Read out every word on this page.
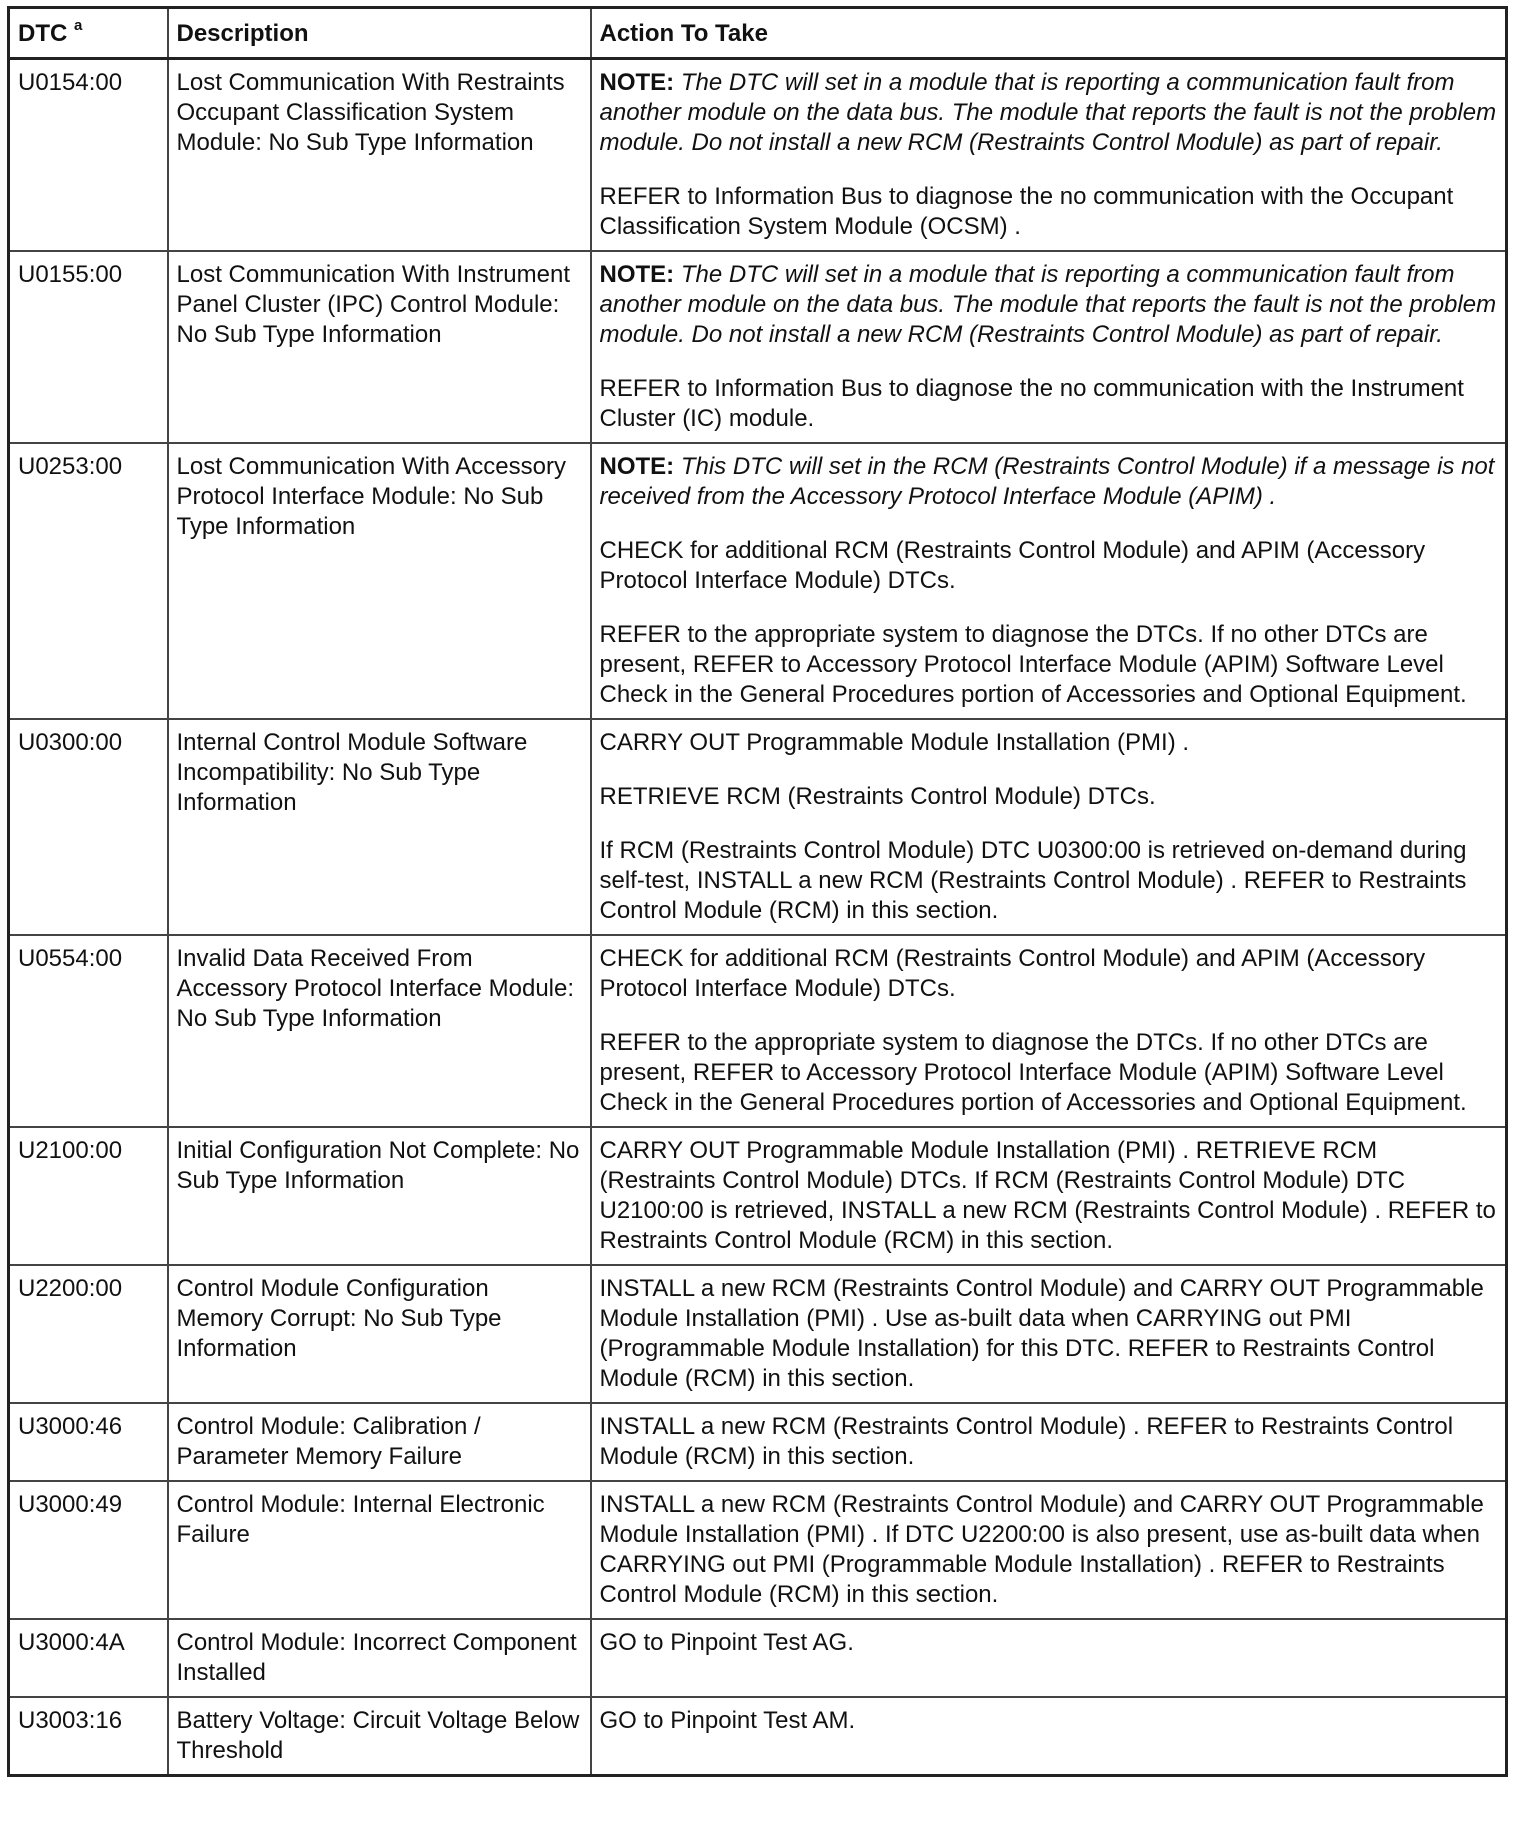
DTC $^a$	Description	Action To Take
U0154:00	Lost Communication With Restraints Occupant Classification System Module: No Sub Type Information	NOTE: The DTC will set in a module that is reporting a communication fault from another module on the data bus. The module that reports the fault is not the problem module. Do not install a new RCM (Restraints Control Module) as part of repair.

REFER to Information Bus to diagnose the no communication with the Occupant Classification System Module (OCSM) .

U0155:00	Lost Communication With Instrument Panel Cluster (IPC) Control Module: No Sub Type Information	NOTE: The DTC will set in a module that is reporting a communication fault from another module on the data bus. The module that reports the fault is not the problem module. Do not install a new RCM (Restraints Control Module) as part of repair.

REFER to Information Bus to diagnose the no communication with the Instrument Cluster (IC) module.

U0253:00	Lost Communication With Accessory Protocol Interface Module: No Sub Type Information	NOTE: This DTC will set in the RCM (Restraints Control Module) if a message is not received from the Accessory Protocol Interface Module (APIM) .

CHECK for additional RCM (Restraints Control Module) and APIM (Accessory Protocol Interface Module) DTCs.

REFER to the appropriate system to diagnose the DTCs. If no other DTCs are present, REFER to Accessory Protocol Interface Module (APIM) Software Level Check in the General Procedures portion of Accessories and Optional Equipment.

U0300:00	Internal Control Module Software Incompatibility: No Sub Type Information	CARRY OUT Programmable Module Installation (PMI) .

RETRIEVE RCM (Restraints Control Module) DTCs.

If RCM (Restraints Control Module) DTC U0300:00 is retrieved on-demand during self-test, INSTALL a new RCM (Restraints Control Module) . REFER to Restraints Control Module (RCM) in this section.

U0554:00	Invalid Data Received From Accessory Protocol Interface Module: No Sub Type Information	CHECK for additional RCM (Restraints Control Module) and APIM (Accessory Protocol Interface Module) DTCs.

REFER to the appropriate system to diagnose the DTCs. If no other DTCs are present, REFER to Accessory Protocol Interface Module (APIM) Software Level Check in the General Procedures portion of Accessories and Optional Equipment.

U2100:00	Initial Configuration Not Complete: No Sub Type Information	CARRY OUT Programmable Module Installation (PMI) . RETRIEVE RCM (Restraints Control Module) DTCs. If RCM (Restraints Control Module) DTC U2100:00 is retrieved, INSTALL a new RCM (Restraints Control Module) . REFER to Restraints Control Module (RCM) in this section.

U2200:00	Control Module Configuration Memory Corrupt: No Sub Type Information	INSTALL a new RCM (Restraints Control Module) and CARRY OUT Programmable Module Installation (PMI) . Use as-built data when CARRYING out PMI (Programmable Module Installation) for this DTC. REFER to Restraints Control Module (RCM) in this section.

U3000:46	Control Module: Calibration / Parameter Memory Failure	INSTALL a new RCM (Restraints Control Module) . REFER to Restraints Control Module (RCM) in this section.

U3000:49	Control Module: Internal Electronic Failure	INSTALL a new RCM (Restraints Control Module) and CARRY OUT Programmable Module Installation (PMI) . If DTC U2200:00 is also present, use as-built data when CARRYING out PMI (Programmable Module Installation) . REFER to Restraints Control Module (RCM) in this section.

U3000:4A	Control Module: Incorrect Component Installed	GO to Pinpoint Test AG.

U3003:16	Battery Voltage: Circuit Voltage Below Threshold	GO to Pinpoint Test AM.
